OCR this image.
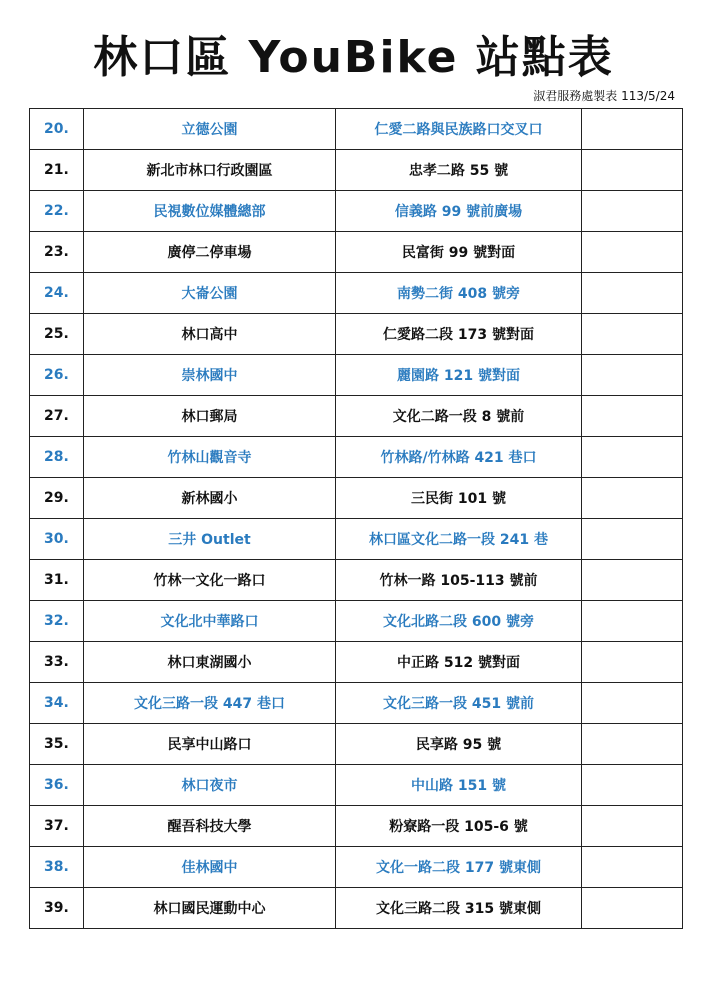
林口區 YouBike 站點表
淑君服務處製表 113/5/24
20.	立德公園	仁愛二路與民族路口交叉口	
21.	新北市林口行政園區	忠孝二路 55 號	
22.	民視數位媒體總部	信義路 99 號前廣場	
23.	廣停二停車場	民富街 99 號對面	
24.	大崙公園	南勢二街 408 號旁	
25.	林口高中	仁愛路二段 173 號對面	
26.	崇林國中	麗園路 121 號對面	
27.	林口郵局	文化二路一段 8 號前	
28.	竹林山觀音寺	竹林路/竹林路 421 巷口	
29.	新林國小	三民街 101 號	
30.	三井 Outlet	林口區文化二路一段 241 巷	
31.	竹林一文化一路口	竹林一路 105-113 號前	
32.	文化北中華路口	文化北路二段 600 號旁	
33.	林口東湖國小	中正路 512 號對面	
34.	文化三路一段 447 巷口	文化三路一段 451 號前	
35.	民享中山路口	民享路 95 號	
36.	林口夜市	中山路 151 號	
37.	醒吾科技大學	粉寮路一段 105-6 號	
38.	佳林國中	文化一路二段 177 號東側	
39.	林口國民運動中心	文化三路二段 315 號東側	
